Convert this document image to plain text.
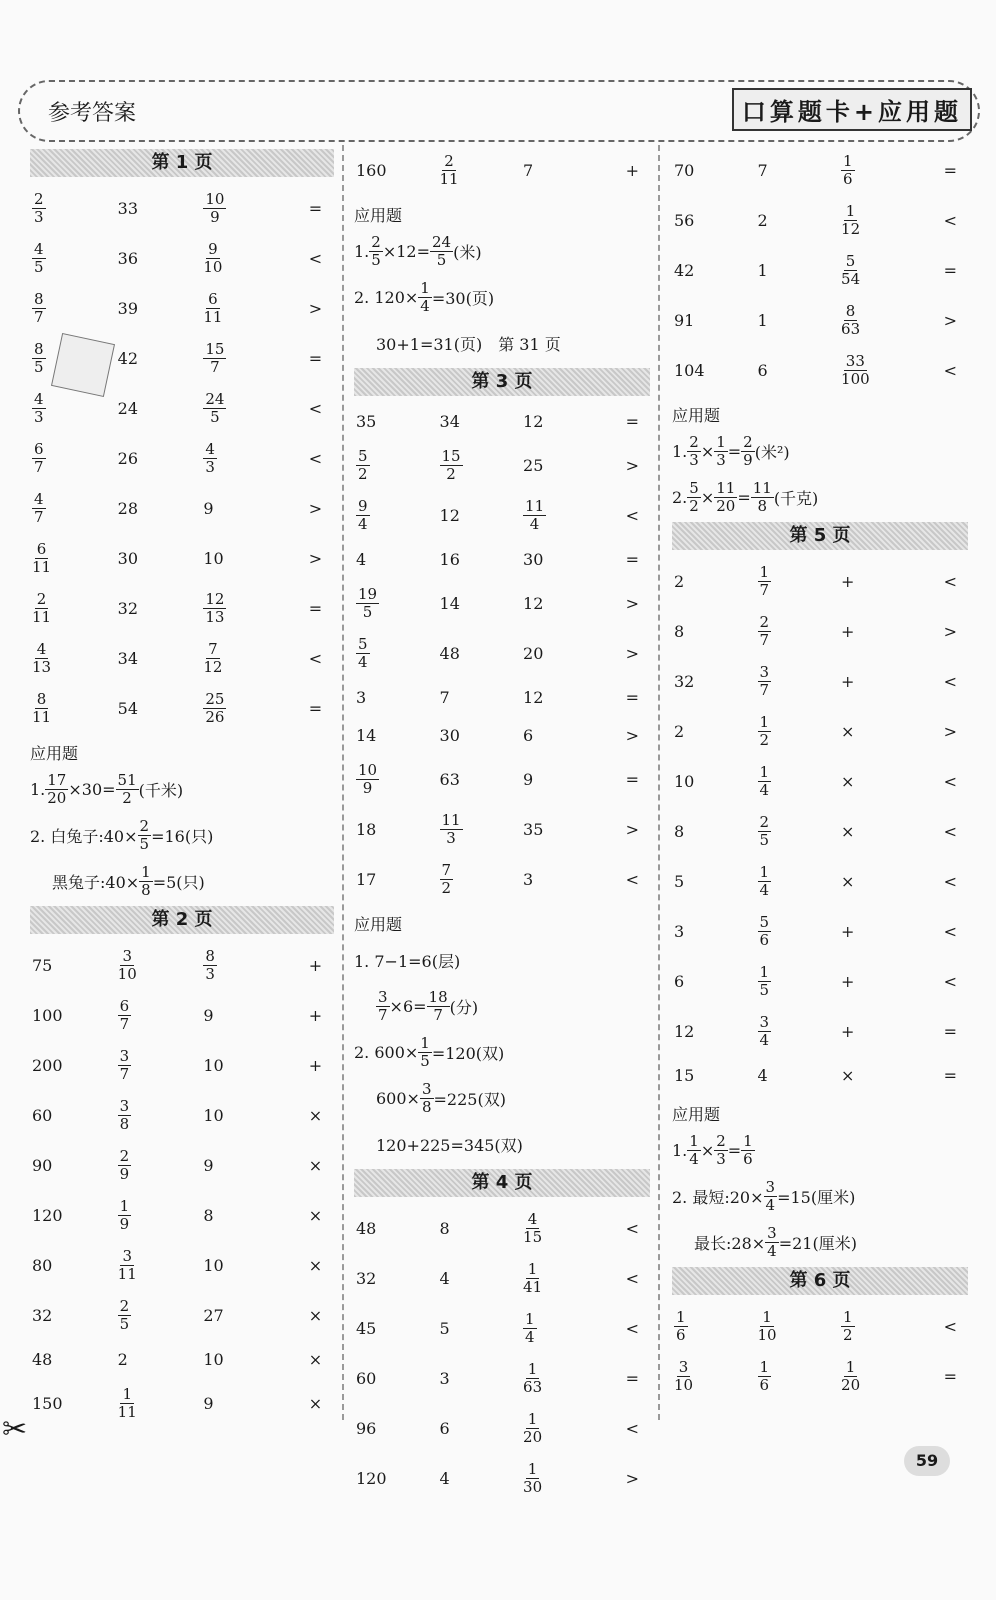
参考答案	口算题卡+应用题
第 1 页
$\frac{2}{3}$	33	$\frac{10}{9}$	=
$\frac{4}{5}$	36	$\frac{9}{10}$	<
$\frac{8}{7}$	39	$\frac{6}{11}$	>
$\frac{8}{5}$	42	$\frac{15}{7}$	=
$\frac{4}{3}$	24	$\frac{24}{5}$	<
$\frac{6}{7}$	26	$\frac{4}{3}$	<
$\frac{4}{7}$	28	9	>
$\frac{6}{11}$	30	10	>
$\frac{2}{11}$	32	$\frac{12}{13}$	=
$\frac{4}{13}$	34	$\frac{7}{12}$	<
$\frac{8}{11}$	54	$\frac{25}{26}$	=
应用题
1. $\frac{17}{20} \times 30= \frac{51}{2}$ (千米)
2. 白兔子:40× $\frac{2}{5} =16$(只)
黑兔子:40× $\frac{1}{8} =5$(只)
第 2 页
75	$\frac{3}{10}$	$\frac{8}{3}$	+
100	$\frac{6}{7}$	9	+
200	$\frac{3}{7}$	10	+
60	$\frac{3}{8}$	10	×
90	$\frac{2}{9}$	9	×
120	$\frac{1}{9}$	8	×
80	$\frac{3}{11}$	10	×
32	$\frac{2}{5}$	27	×
48	2	10	×
150	$\frac{1}{11}$	9	×
160	$\frac{2}{11}$	7	+
应用题
1. $\frac{2}{5} \times 12= \frac{24}{5}$ (米)
2. $120\times \frac{1}{4} =30$(页)
30+1=31(页)　第 31 页
第 3 页
35	34	12	=
$\frac{5}{2}$	$\frac{15}{2}$	25	>
$\frac{9}{4}$	12	$\frac{11}{4}$	<
4	16	30	=
$\frac{19}{5}$	14	12	>
$\frac{5}{4}$	48	20	>
3	7	12	=
14	30	6	>
$\frac{10}{9}$	63	9	=
18	$\frac{11}{3}$	35	>
17	$\frac{7}{2}$	3	<
应用题
1. 7−1=6(层)
$\frac{3}{7} \times 6= \frac{18}{7}$ (分)
2. $600\times \frac{1}{5} =120$(双)
$600\times \frac{3}{8} =225$(双)
120+225=345(双)
第 4 页
48	8	$\frac{4}{15}$	<
32	4	$\frac{1}{41}$	<
45	5	$\frac{1}{4}$	<
60	3	$\frac{1}{63}$	=
96	6	$\frac{1}{20}$	<
120	4	$\frac{1}{30}$	>
70	7	$\frac{1}{6}$	=
56	2	$\frac{1}{12}$	<
42	1	$\frac{5}{54}$	=
91	1	$\frac{8}{63}$	>
104	6	$\frac{33}{100}$	<
应用题
1. $\frac{2}{3} \times \frac{1}{3} = \frac{2}{9}$ (米²)
2. $\frac{5}{2} \times \frac{11}{20} = \frac{11}{8}$ (千克)
第 5 页
2	$\frac{1}{7}$	+	<
8	$\frac{2}{7}$	+	>
32	$\frac{3}{7}$	+	<
2	$\frac{1}{2}$	×	>
10	$\frac{1}{4}$	×	<
8	$\frac{2}{5}$	×	<
5	$\frac{1}{4}$	×	<
3	$\frac{5}{6}$	+	<
6	$\frac{1}{5}$	+	<
12	$\frac{3}{4}$	+	=
15	4	×	=
应用题
1. $\frac{1}{4} \times \frac{2}{3} = \frac{1}{6}$
2. 最短:20× $\frac{3}{4} =15$(厘米)
最长:28× $\frac{3}{4} =21$(厘米)
第 6 页
$\frac{1}{6}$	$\frac{1}{10}$	$\frac{1}{2}$	<
$\frac{3}{10}$	$\frac{1}{6}$	$\frac{1}{20}$	=
59
✂
